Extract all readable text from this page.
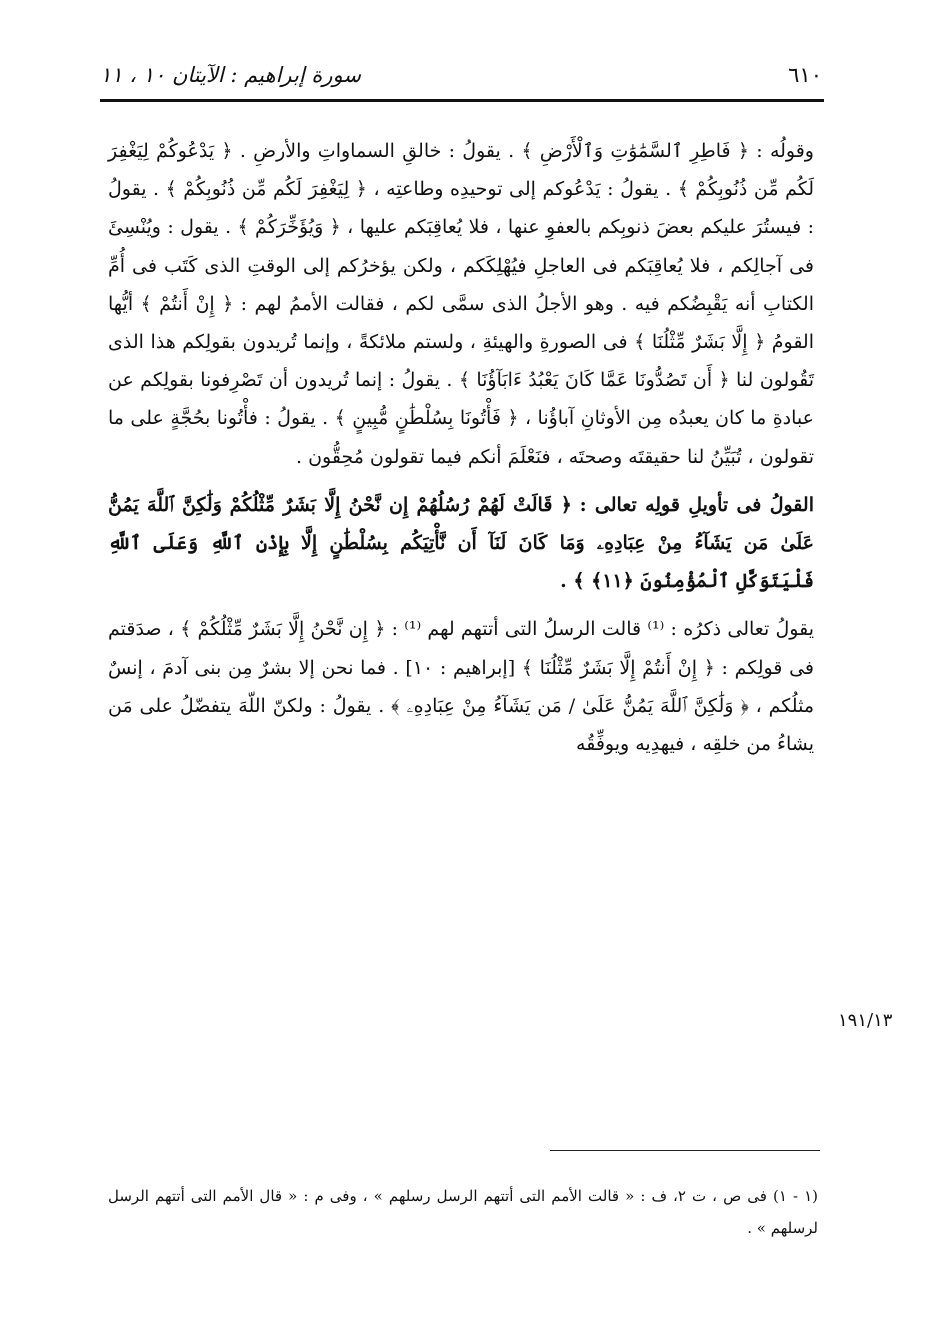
٦١٠
سورة إبراهيم : الآيتان ١٠ ، ١١

وقولُه : ﴿ فَاطِرِ ٱلسَّمَٰوَٰتِ وَٱلْأَرْضِ ﴾ . يقولُ : خالقِ السماواتِ والأرضِ . ﴿ يَدْعُوكُمْ لِيَغْفِرَ لَكُم مِّن ذُنُوبِكُمْ ﴾ . يقولُ : يَدْعُوكم إلى توحيدِه وطاعتِه ، ﴿ لِيَغْفِرَ لَكُم مِّن ذُنُوبِكُمْ ﴾ . يقولُ : فيستُرَ عليكم بعضَ ذنوبِكم بالعفوِ عنها ، فلا يُعاقِبَكم عليها ، ﴿ وَيُؤَخِّرَكُمْ ﴾ . يقول : ويُنْسِئَ فى آجالِكم ، فلا يُعاقِبَكم فى العاجلِ فيُهْلِكَكم ، ولكن يؤخرُكم إلى الوقتِ الذى كَتَب فى أُمِّ الكتابِ أنه يَقْبِضُكم فيه . وهو الأجلُ الذى سمَّى لكم ، فقالت الأممُ لهم : ﴿ إِنْ أَنتُمْ ﴾ أيُّها القومُ ﴿ إِلَّا بَشَرٌ مِّثْلُنَا ﴾ فى الصورةِ والهيئةِ ، ولستم ملائكةً ، وإنما تُريدون بقولِكم هذا الذى تَقُولون لنا ﴿ أَن تَصُدُّونَا عَمَّا كَانَ يَعْبُدُ ءَابَآؤُنَا ﴾ . يقولُ : إنما تُريدون أن تَصْرِفونا بقولِكم عن عبادةِ ما كان يعبدُه مِن الأوثانِ آباؤُنا ، ﴿ فَأْتُونَا بِسُلْطَٰنٍ مُّبِينٍ ﴾ . يقولُ : فأْتُونا بحُجَّةٍ على ما تقولون ، تُبَيِّنُ لنا حقيقتَه وصحتَه ، فنَعْلَمَ أنكم فيما تقولون مُحِقُّون .

القولُ فى تأويلِ قولِه تعالى : ﴿ قَالَتْ لَهُمْ رُسُلُهُمْ إِن نَّحْنُ إِلَّا بَشَرٌ مِّثْلُكُمْ وَلَٰكِنَّ ٱللَّهَ يَمُنُّ عَلَىٰ مَن يَشَآءُ مِنْ عِبَادِهِۦ وَمَا كَانَ لَنَآ أَن نَّأْتِيَكُم بِسُلْطَٰنٍ إِلَّا بِإِذْنِ ٱللَّهِ وَعَلَى ٱللَّهِ فَلْيَتَوَكَّلِ ٱلْمُؤْمِنُونَ ﴿١١﴾ ﴾ .

يقولُ تعالى ذكرُه : ⁽¹⁾ قالت الرسلُ التى أتتهم لهم ⁽¹⁾ : ﴿ إِن نَّحْنُ إِلَّا بَشَرٌ مِّثْلُكُمْ ﴾ ، صدَقتم فى قولِكم : ﴿ إِنْ أَنتُمْ إِلَّا بَشَرٌ مِّثْلُنَا ﴾ [إبراهيم : ١٠] . فما نحن إلا بشرٌ مِن بنى آدمَ ، إنسٌ مثلُكم ، ﴿ وَلَٰكِنَّ ٱللَّهَ يَمُنُّ عَلَىٰ / مَن يَشَآءُ مِنْ عِبَادِهِۦ ﴾ . يقولُ : ولكنّ اللّهَ يتفضّلُ على مَن يشاءُ من خلقِه ، فيهدِيه ويوفِّقُه

١٩١/١٣
(١ - ١) فى ص ، ت ٢، ف : « قالت الأمم التى أتتهم الرسل رسلهم » ، وفى م : « قال الأمم التى أتتهم الرسل لرسلهم » .
